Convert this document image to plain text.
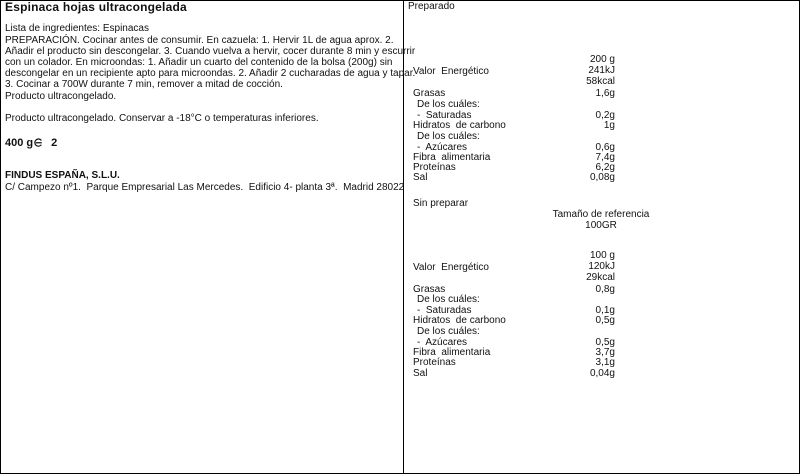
Espinaca hojas ultracongelada
Lista de ingredientes: Espinacas
PREPARACIÓN. Cocinar antes de consumir. En cazuela: 1. Hervir 1L de agua aprox. 2.
Añadir el producto sin descongelar. 3. Cuando vuelva a hervir, cocer durante 8 min y escurrir
con un colador. En microondas: 1. Añadir un cuarto del contenido de la bolsa (200g) sin
descongelar en un recipiente apto para microondas. 2. Añadir 2 cucharadas de agua y tapar.
3. Cocinar a 700W durante 7 min, remover a mitad de cocción.
Producto ultracongelado.
Producto ultracongelado. Conservar a -18°C o temperaturas inferiores.
400 g 2
FINDUS ESPAÑA, S.L.U.
C/ Campezo nº1.  Parque Empresarial Las Mercedes.  Edificio 4- planta 3ª.  Madrid 28022
Preparado
200 g
Valor  Energético	241kJ
58kcal
Grasas	1,6g
De los cuáles:
-  Saturadas	0,2g
Hidratos  de carbono	1g
De los cuáles:
-  Azúcares	0,6g
Fibra  alimentaria	7,4g
Proteínas	6,2g
Sal	0,08g
Sin preparar
Tamaño de referencia
100GR
100 g
Valor  Energético	120kJ
29kcal
Grasas	0,8g
De los cuáles:
-  Saturadas	0,1g
Hidratos  de carbono	0,5g
De los cuáles:
-  Azúcares	0,5g
Fibra  alimentaria	3,7g
Proteínas	3,1g
Sal	0,04g
